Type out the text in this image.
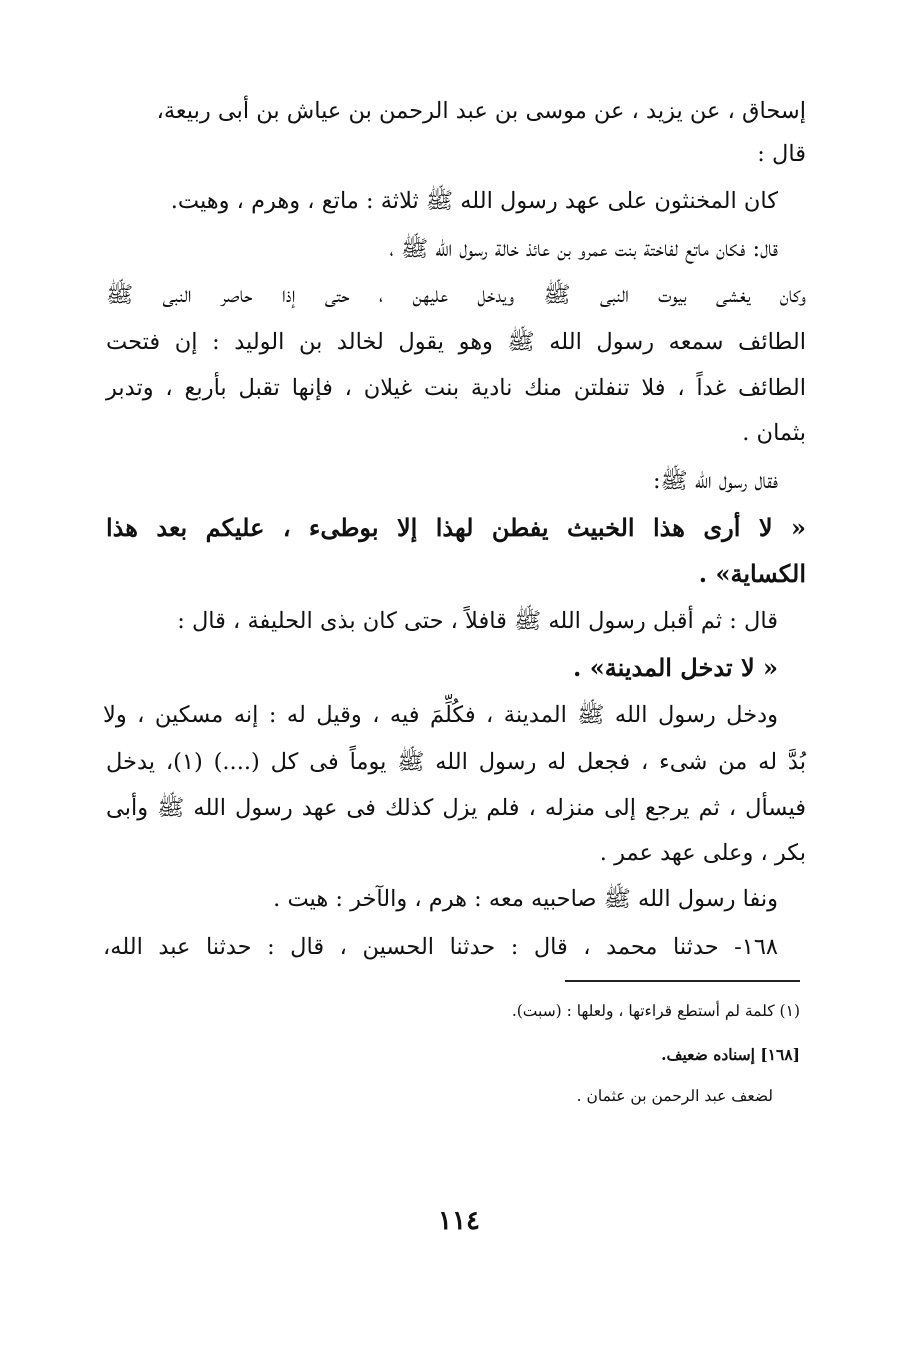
إسحاق ، عن يزيد ، عن موسى بن عبد الرحمن بن عياش بن أبى ربيعة،
قال :
كان المخنثون على عهد رسول الله ﷺ ثلاثة : ماتع ، وهرم ، وهيت.
قال: فكان ماتع لفاختة بنت عمرو بن عائذ خالة رسول الله ﷺ ،
وكان يغشى بيوت النبى ﷺ ويدخل عليهن ، حتى إذا حاصر النبى ﷺ
الطائف سمعه رسول الله ﷺ وهو يقول لخالد بن الوليد : إن فتحت
الطائف غداً ، فلا تنفلتن منك نادية بنت غيلان ، فإنها تقبل بأربع ، وتدبر
بثمان .
فقال رسول الله ﷺ:
« لا أرى هذا الخبيث يفطن لهذا إلا بوطىء ، عليكم بعد هذا
الكساية» .
قال : ثم أقبل رسول الله ﷺ قافلاً ، حتى كان بذى الحليفة ، قال :
« لا تدخل المدينة» .
ودخل رسول الله ﷺ المدينة ، فكُلِّمَ فيه ، وقيل له : إنه مسكين ، ولا
بُدَّ له من شىء ، فجعل له رسول الله ﷺ يوماً فى كل (....) (١)، يدخل
فيسأل ، ثم يرجع إلى منزله ، فلم يزل كذلك فى عهد رسول الله ﷺ وأبى
بكر ، وعلى عهد عمر .
ونفا رسول الله ﷺ صاحبيه معه : هرم ، والآخر : هيت .
١٦٨- حدثنا محمد ، قال : حدثنا الحسين ، قال : حدثنا عبد الله،
(١) كلمة لم أستطع قراءتها ، ولعلها : (سبت).
[١٦٨] إسناده ضعيف.
لضعف عبد الرحمن بن عثمان .
١١٤
